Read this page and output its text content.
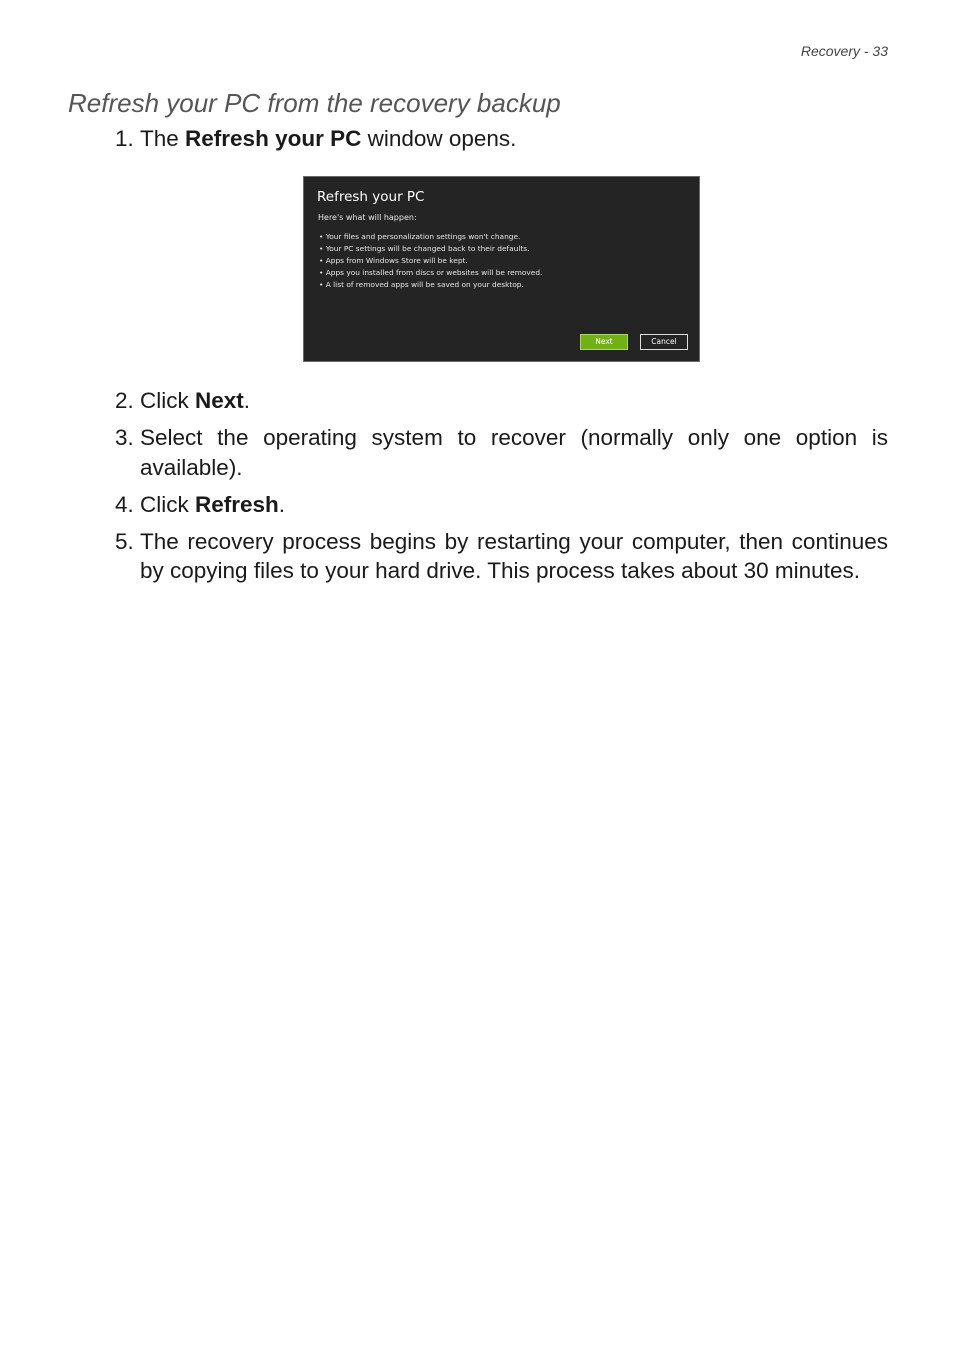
Recovery - 33
Refresh your PC from the recovery backup
1. The Refresh your PC window opens.
Refresh your PC
Here's what will happen:
• Your files and personalization settings won't change.
• Your PC settings will be changed back to their defaults.
• Apps from Windows Store will be kept.
• Apps you installed from discs or websites will be removed.
• A list of removed apps will be saved on your desktop.
Next	Cancel
2. Click Next.
3. Select the operating system to recover (normally only one option is available).
4. Click Refresh.
5. The recovery process begins by restarting your computer, then continues by copying files to your hard drive. This process takes about 30 minutes.
